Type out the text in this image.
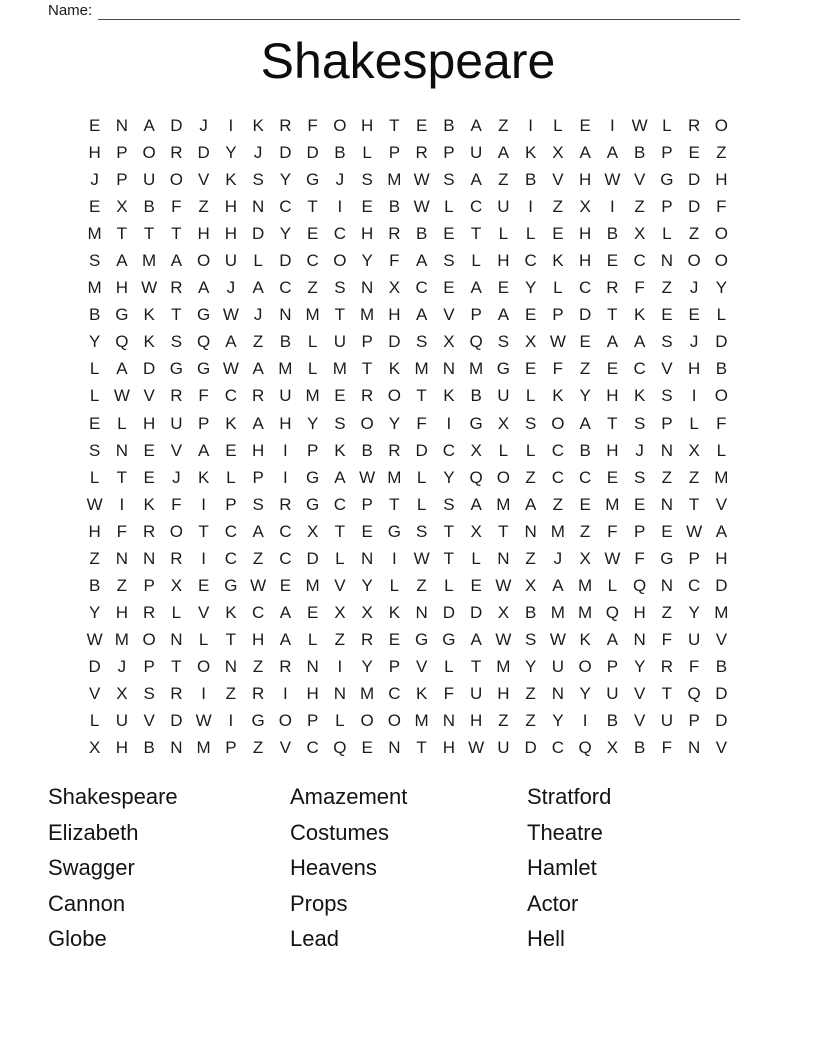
Name:
Shakespeare
E N A D J	I	K R F O H T E B A Z	I	L E	I W L R O
H P O R D Y	J D D B L P R P U A K X A A B P E Z
J	P U O V K S Y G J	S M W S A Z B V H W V G D H
E X B F Z H N C T	I	E B W L C U	I	Z X	I	Z P D F
M T T T H H D Y E C H R B E T	L	L E H B X L	Z O
S A M A O U L D C O Y F A S L H C K H E C N O O
M H W R A	J	A C Z S N X C E A E Y L C R F Z	J	Y
B G K T G W J N M T M H A V P A E P D T K E E L
Y Q K S Q A Z B L U P D S X Q S X W E A A S	J D
L A D G G W A M L M T K M N M G E F Z E C V H B
L W V R F C R U M E R O T K B U L K Y H K S	I	O
E L H U P K A H Y S O Y F	I	G X S O A T S P L	F
S N E V A E H	I	P K B R D C X L	L C B H J N X L
L	T E	J	K L P	I	G A W M L Y Q O Z C C E S Z Z M
W I	K F	I	P S R G C P T	L S A M A Z E M E N T V
H F R O T C A C X T E G S T X T N M Z F P E W A
Z N N R	I	C Z C D L N	I W T	L N Z	J	X W F G P H
B Z P X E G W E M V Y L	Z	L E W X A M L Q N C D
Y H R L V K C A E X X K N D D X B M M Q H Z Y M
W M O N L	T H A L	Z R E G G A W S W K A N F U V
D J	P T O N Z R N	I	Y P V L	T M Y U O P Y R F B
V X S R	I	Z R	I	H N M C K F U H Z N Y U V T Q D
L U V D W I	G O P L O O M N H Z Z Y	I	B V U P D
X H B N M P Z V C Q E N T H W U D C Q X B F N V
Shakespeare
Elizabeth
Swagger
Cannon
Globe
Amazement
Costumes
Heavens
Props
Lead
Stratford
Theatre
Hamlet
Actor
Hell
